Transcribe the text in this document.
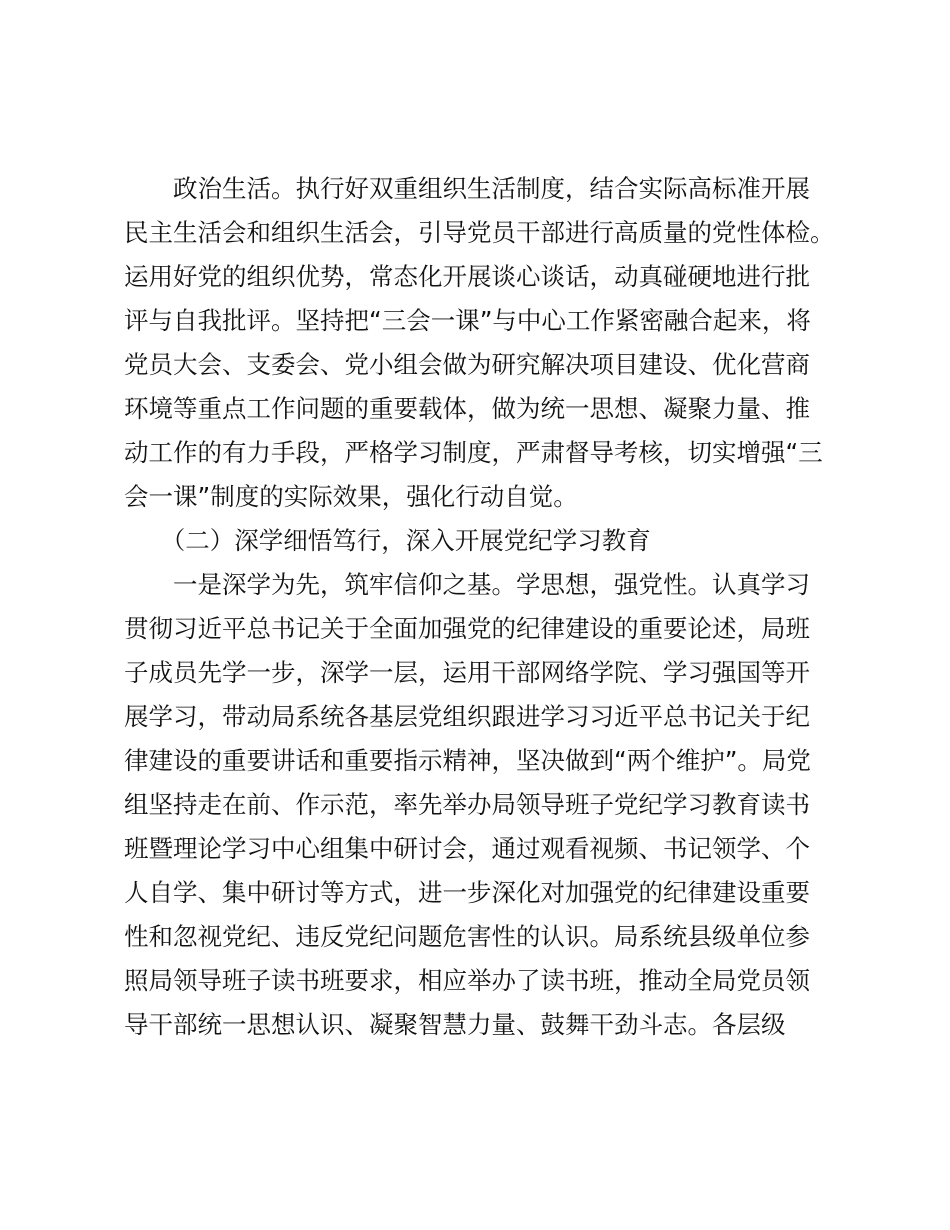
　　政治生活。执行好双重组织生活制度，结合实际高标准开展
民主生活会和组织生活会，引导党员干部进行高质量的党性体检。
运用好党的组织优势，常态化开展谈心谈话，动真碰硬地进行批
评与自我批评。坚持把“三会一课”与中心工作紧密融合起来，将
党员大会、支委会、党小组会做为研究解决项目建设、优化营商
环境等重点工作问题的重要载体，做为统一思想、凝聚力量、推
动工作的有力手段，严格学习制度，严肃督导考核，切实增强“三
会一课”制度的实际效果，强化行动自觉。
　　（二）深学细悟笃行，深入开展党纪学习教育
　　一是深学为先，筑牢信仰之基。学思想，强党性。认真学习
贯彻习近平总书记关于全面加强党的纪律建设的重要论述，局班
子成员先学一步，深学一层，运用干部网络学院、学习强国等开
展学习，带动局系统各基层党组织跟进学习习近平总书记关于纪
律建设的重要讲话和重要指示精神，坚决做到“两个维护”。局党
组坚持走在前、作示范，率先举办局领导班子党纪学习教育读书
班暨理论学习中心组集中研讨会，通过观看视频、书记领学、个
人自学、集中研讨等方式，进一步深化对加强党的纪律建设重要
性和忽视党纪、违反党纪问题危害性的认识。局系统县级单位参
照局领导班子读书班要求，相应举办了读书班，推动全局党员领
导干部统一思想认识、凝聚智慧力量、鼓舞干劲斗志。各层级
